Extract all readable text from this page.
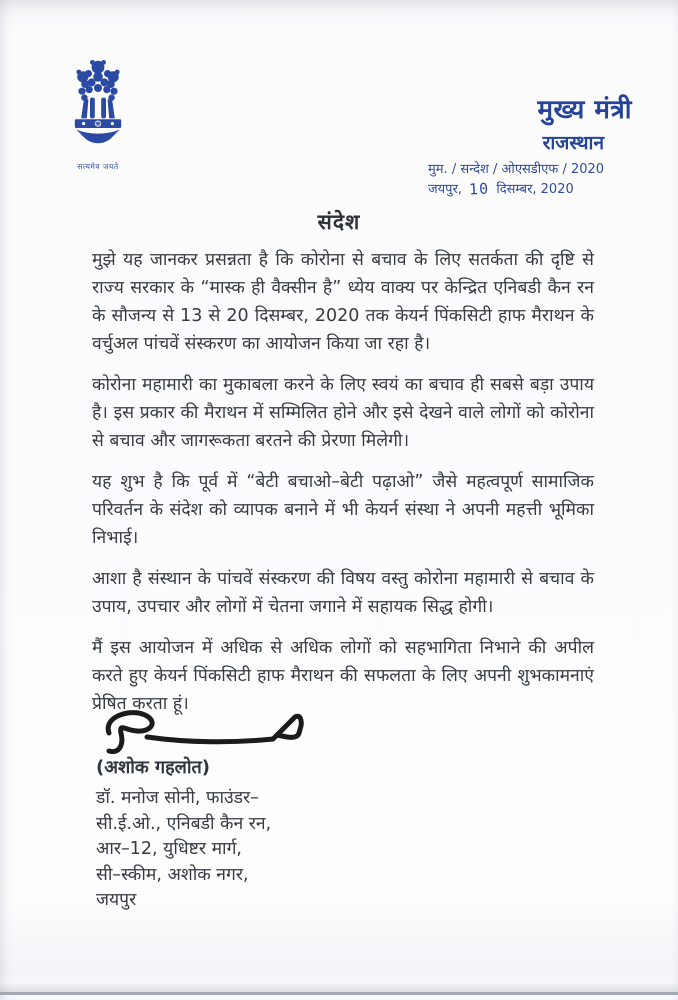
सत्यमेव जयते
मुख्य मंत्री
राजस्थान
मुम. / सन्देश / ओएसडीएफ / 2020
जयपुर, 10 दिसम्बर, 2020
संदेश

मुझे यह जानकर प्रसन्नता है कि कोरोना से बचाव के लिए सतर्कता की दृष्टि से राज्य सरकार के “मास्क ही वैक्सीन है” ध्येय वाक्य पर केन्द्रित एनिबडी कैन रन के सौजन्य से 13 से 20 दिसम्बर, 2020 तक केयर्न पिंकसिटी हाफ मैराथन के वर्चुअल पांचवें संस्करण का आयोजन किया जा रहा है।

कोरोना महामारी का मुकाबला करने के लिए स्वयं का बचाव ही सबसे बड़ा उपाय है। इस प्रकार की मैराथन में सम्मिलित होने और इसे देखने वाले लोगों को कोरोना से बचाव और जागरूकता बरतने की प्रेरणा मिलेगी।

यह शुभ है कि पूर्व में “बेटी बचाओ–बेटी पढ़ाओ” जैसे महत्वपूर्ण सामाजिक परिवर्तन के संदेश को व्यापक बनाने में भी केयर्न संस्था ने अपनी महत्ती भूमिका निभाई।

आशा है संस्थान के पांचवें संस्करण की विषय वस्तु कोरोना महामारी से बचाव के उपाय, उपचार और लोगों में चेतना जगाने में सहायक सिद्ध होगी।

मैं इस आयोजन में अधिक से अधिक लोगों को सहभागिता निभाने की अपील करते हुए केयर्न पिंकसिटी हाफ मैराथन की सफलता के लिए अपनी शुभकामनाएं प्रेषित करता हूं।

(अशोक गहलोत)
डॉ. मनोज सोनी, फाउंडर–
सी.ई.ओ., एनिबडी कैन रन,
आर–12, युधिष्टर मार्ग,
सी–स्कीम, अशोक नगर,
जयपुर
